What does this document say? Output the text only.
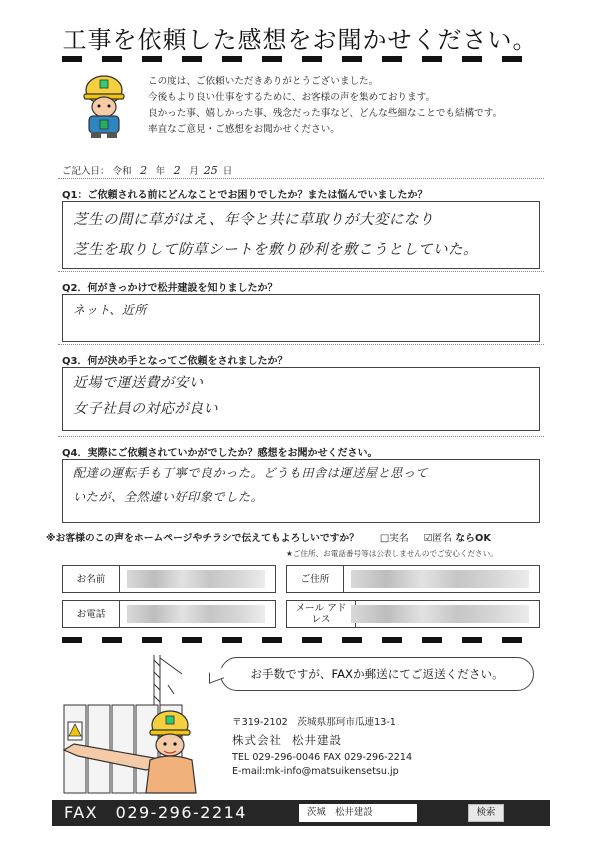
工事を依頼した感想をお聞かせください。
この度は、ご依頼いただきありがとうございました。
今後もより良い仕事をするために、お客様の声を集めております。
良かった事、嬉しかった事、残念だった事など、どんな些細なことでも結構です。
率直なご意見・ご感想をお聞かせください。
ご記入日： 令和 2 年 2 月 25 日
Q1：ご依頼される前にどんなことでお困りでしたか？または悩んでいましたか？
芝生の間に草がはえ、年令と共に草取りが大変になり
芝生を取りして防草シートを敷り砂利を敷こうとしていた。
Q2．何がきっかけで松井建設を知りましたか？
ネット、近所
Q3．何が決め手となってご依頼をされましたか？
近場で運送費が安い
女子社員の対応が良い
Q4．実際にご依頼されていかがでしたか？感想をお聞かせください。
配達の運転手も丁寧で良かった。どうも田舎は運送屋と思って
いたが、全然違い好印象でした。
※お客様のこの声をホームページやチラシで伝えてもよろしいですか？ □実名 ☑匿名 ならOK
★ご住所、お電話番号等は公表しませんのでご安心ください。
お名前	ご住所
お電話	メール アドレス
お手数ですが、FAXか郵送にてご返送ください。
〒319-2102　茨城県那珂市瓜連13-1
株式会社 松井建設
TEL 029-296-0046 FAX 029-296-2214
E-mail:mk-info@matsuikensetsu.jp
FAX　029-296-2214	茨城　松井建設	検索
